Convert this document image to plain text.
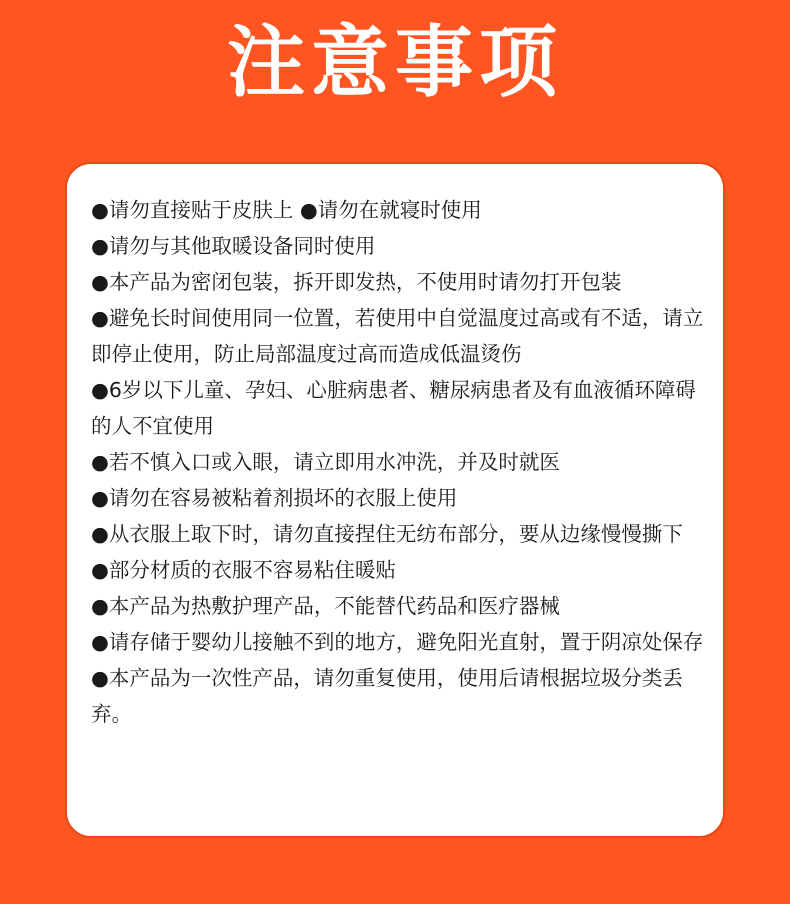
注意事项
●请勿直接贴于皮肤上 ●请勿在就寝时使用
●请勿与其他取暖设备同时使用
●本产品为密闭包装，拆开即发热，不使用时请勿打开包装
●避免长时间使用同一位置，若使用中自觉温度过高或有不适，请立即停止使用，防止局部温度过高而造成低温烫伤
●6岁以下儿童、孕妇、心脏病患者、糖尿病患者及有血液循环障碍的人不宜使用
●若不慎入口或入眼，请立即用水冲洗，并及时就医
●请勿在容易被粘着剂损坏的衣服上使用
●从衣服上取下时，请勿直接捏住无纺布部分，要从边缘慢慢撕下
●部分材质的衣服不容易粘住暖贴
●本产品为热敷护理产品，不能替代药品和医疗器械
●请存储于婴幼儿接触不到的地方，避免阳光直射，置于阴凉处保存
●本产品为一次性产品，请勿重复使用，使用后请根据垃圾分类丢弃。
